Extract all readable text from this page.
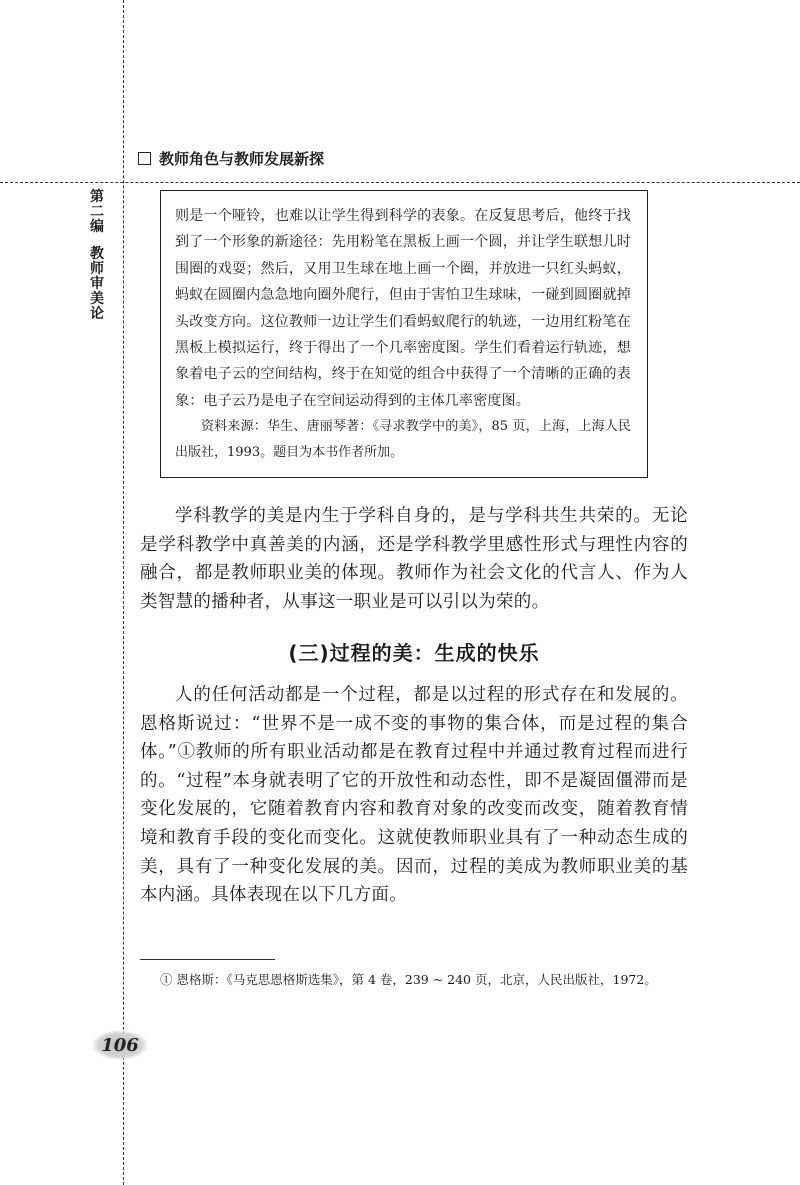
教师角色与教师发展新探
第二编
教师审美论
则是一个哑铃，也难以让学生得到科学的表象。在反复思考后，他终于找到了一个形象的新途径：先用粉笔在黑板上画一个圆，并让学生联想儿时围圈的戏耍；然后，又用卫生球在地上画一个圈，并放进一只红头蚂蚁，蚂蚁在圆圈内急急地向圈外爬行，但由于害怕卫生球味，一碰到圆圈就掉头改变方向。这位教师一边让学生们看蚂蚁爬行的轨迹，一边用红粉笔在黑板上模拟运行，终于得出了一个几率密度图。学生们看着运行轨迹，想象着电子云的空间结构，终于在知觉的组合中获得了一个清晰的正确的表象：电子云乃是电子在空间运动得到的主体几率密度图。
资料来源：华生、唐丽琴著：《寻求教学中的美》，85 页，上海，上海人民出版社，1993。题目为本书作者所加。
学科教学的美是内生于学科自身的，是与学科共生共荣的。无论是学科教学中真善美的内涵，还是学科教学里感性形式与理性内容的融合，都是教师职业美的体现。教师作为社会文化的代言人、作为人类智慧的播种者，从事这一职业是可以引以为荣的。
(三)过程的美：生成的快乐
人的任何活动都是一个过程，都是以过程的形式存在和发展的。恩格斯说过：“世界不是一成不变的事物的集合体，而是过程的集合体。”①教师的所有职业活动都是在教育过程中并通过教育过程而进行的。“过程”本身就表明了它的开放性和动态性，即不是凝固僵滞而是变化发展的，它随着教育内容和教育对象的改变而改变，随着教育情境和教育手段的变化而变化。这就使教师职业具有了一种动态生成的美，具有了一种变化发展的美。因而，过程的美成为教师职业美的基本内涵。具体表现在以下几方面。
① 恩格斯：《马克思恩格斯选集》，第 4 卷，239 ~ 240 页，北京，人民出版社，1972。
106
